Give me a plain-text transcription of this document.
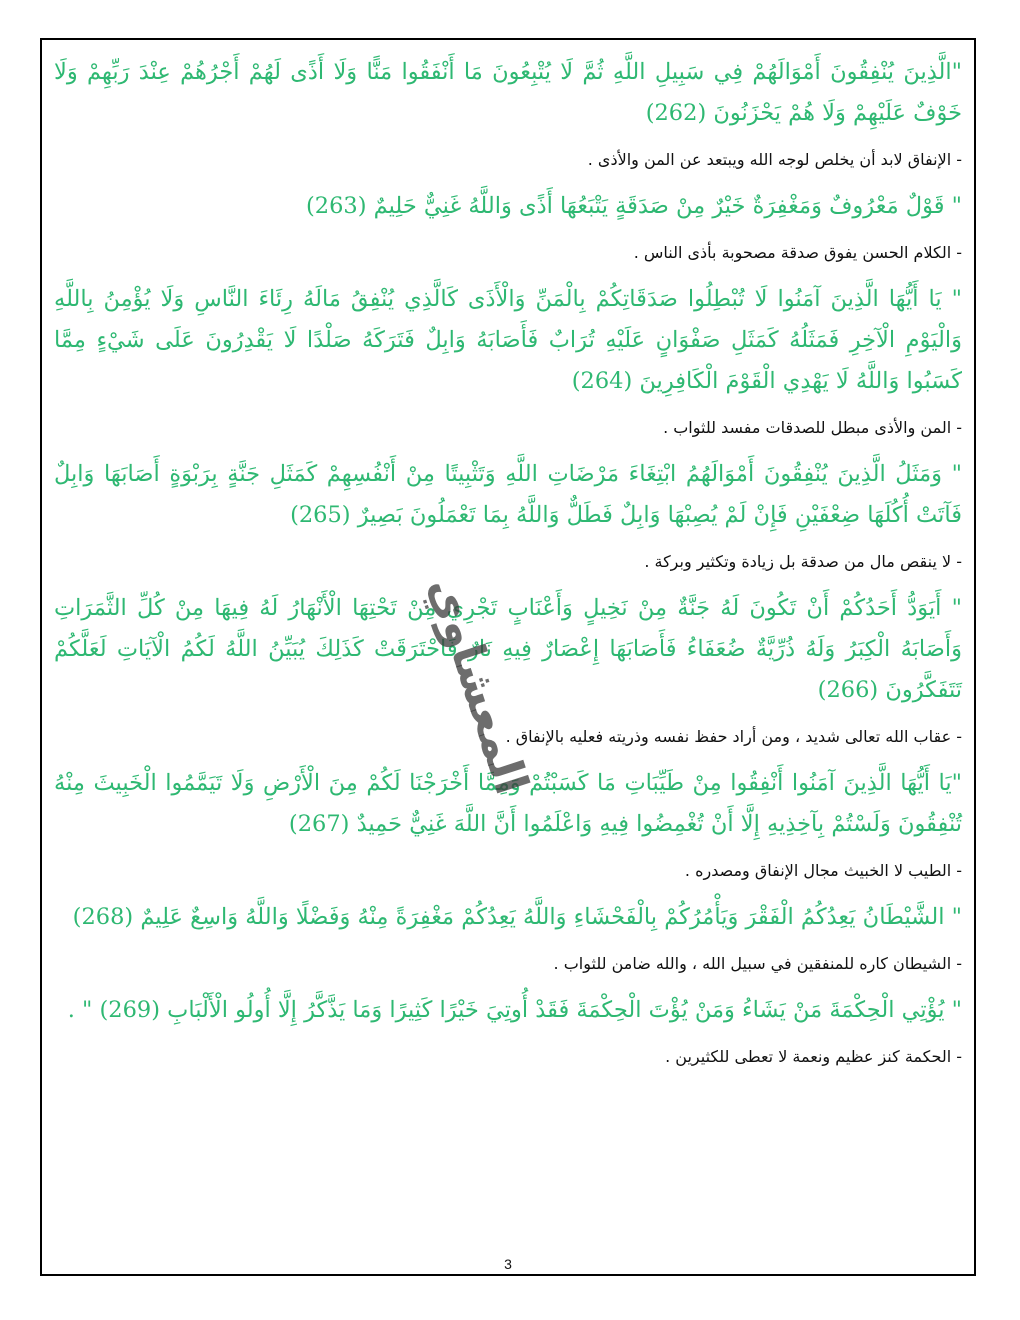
"الَّذِينَ يُنْفِقُونَ أَمْوَالَهُمْ فِي سَبِيلِ اللَّهِ ثُمَّ لَا يُتْبِعُونَ مَا أَنْفَقُوا مَنًّا وَلَا أَذًى لَهُمْ أَجْرُهُمْ عِنْدَ رَبِّهِمْ وَلَا خَوْفٌ عَلَيْهِمْ وَلَا هُمْ يَحْزَنُونَ (262)

- الإنفاق لابد أن يخلص لوجه الله ويبتعد عن المن والأذى .

" قَوْلٌ مَعْرُوفٌ وَمَغْفِرَةٌ خَيْرٌ مِنْ صَدَقَةٍ يَتْبَعُهَا أَذًى وَاللَّهُ غَنِيٌّ حَلِيمٌ (263)

- الكلام الحسن يفوق صدقة مصحوبة بأذى الناس .

" يَا أَيُّهَا الَّذِينَ آمَنُوا لَا تُبْطِلُوا صَدَقَاتِكُمْ بِالْمَنِّ وَالْأَذَى كَالَّذِي يُنْفِقُ مَالَهُ رِئَاءَ النَّاسِ وَلَا يُؤْمِنُ بِاللَّهِ وَالْيَوْمِ الْآخِرِ فَمَثَلُهُ كَمَثَلِ صَفْوَانٍ عَلَيْهِ تُرَابٌ فَأَصَابَهُ وَابِلٌ فَتَرَكَهُ صَلْدًا لَا يَقْدِرُونَ عَلَى شَيْءٍ مِمَّا كَسَبُوا وَاللَّهُ لَا يَهْدِي الْقَوْمَ الْكَافِرِينَ (264)

- المن والأذى مبطل للصدقات مفسد للثواب .

" وَمَثَلُ الَّذِينَ يُنْفِقُونَ أَمْوَالَهُمُ ابْتِغَاءَ مَرْضَاتِ اللَّهِ وَتَثْبِيتًا مِنْ أَنْفُسِهِمْ كَمَثَلِ جَنَّةٍ بِرَبْوَةٍ أَصَابَهَا وَابِلٌ فَآتَتْ أُكُلَهَا ضِعْفَيْنِ فَإِنْ لَمْ يُصِبْهَا وَابِلٌ فَطَلٌّ وَاللَّهُ بِمَا تَعْمَلُونَ بَصِيرٌ (265)

- لا ينقص مال من صدقة بل زيادة وتكثير وبركة .

" أَيَوَدُّ أَحَدُكُمْ أَنْ تَكُونَ لَهُ جَنَّةٌ مِنْ نَخِيلٍ وَأَعْنَابٍ تَجْرِي مِنْ تَحْتِهَا الْأَنْهَارُ لَهُ فِيهَا مِنْ كُلِّ الثَّمَرَاتِ وَأَصَابَهُ الْكِبَرُ وَلَهُ ذُرِّيَّةٌ ضُعَفَاءُ فَأَصَابَهَا إِعْصَارٌ فِيهِ نَارٌ فَاحْتَرَقَتْ كَذَلِكَ يُبَيِّنُ اللَّهُ لَكُمُ الْآيَاتِ لَعَلَّكُمْ تَتَفَكَّرُونَ (266)

- عقاب الله تعالى شديد ، ومن أراد حفظ نفسه وذريته فعليه بالإنفاق .

"يَا أَيُّهَا الَّذِينَ آمَنُوا أَنْفِقُوا مِنْ طَيِّبَاتِ مَا كَسَبْتُمْ وَمِمَّا أَخْرَجْنَا لَكُمْ مِنَ الْأَرْضِ وَلَا تَيَمَّمُوا الْخَبِيثَ مِنْهُ تُنْفِقُونَ وَلَسْتُمْ بِآخِذِيهِ إِلَّا أَنْ تُغْمِضُوا فِيهِ وَاعْلَمُوا أَنَّ اللَّهَ غَنِيٌّ حَمِيدٌ (267)

- الطيب لا الخبيث مجال الإنفاق ومصدره .

" الشَّيْطَانُ يَعِدُكُمُ الْفَقْرَ وَيَأْمُرُكُمْ بِالْفَحْشَاءِ وَاللَّهُ يَعِدُكُمْ مَغْفِرَةً مِنْهُ وَفَضْلًا وَاللَّهُ وَاسِعٌ عَلِيمٌ (268)

- الشيطان كاره للمنفقين في سبيل الله ، والله ضامن للثواب .

" يُؤْتِي الْحِكْمَةَ مَنْ يَشَاءُ وَمَنْ يُؤْتَ الْحِكْمَةَ فَقَدْ أُوتِيَ خَيْرًا كَثِيرًا وَمَا يَذَّكَّرُ إِلَّا أُولُو الْأَلْبَابِ (269) " .

- الحكمة كنز عظيم ونعمة لا تعطى للكثيرين .

3
المعشاوي
